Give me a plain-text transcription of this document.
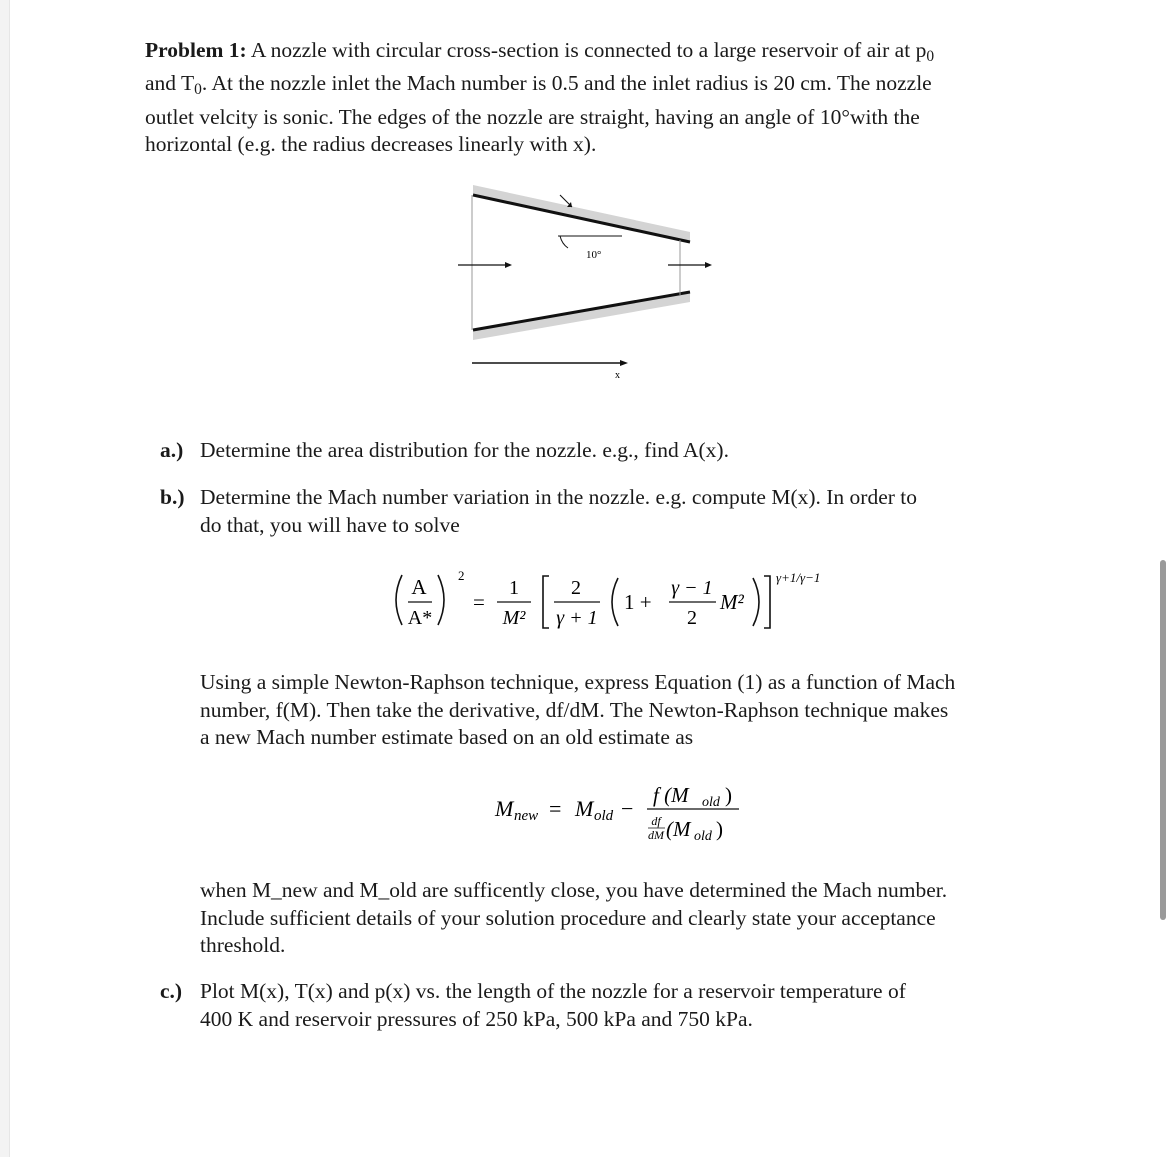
Problem 1: A nozzle with circular cross-section is connected to a large reservoir of air at $p_0$
and $T_0$. At the nozzle inlet the Mach number is 0.5 and the inlet radius is 20 cm. The nozzle
outlet velcity is sonic. The edges of the nozzle are straight, having an angle of 10°with the
horizontal (e.g. the radius decreases linearly with x).
10°
x
a.) Determine the area distribution for the nozzle. e.g., find A(x).
b.) Determine the Mach number variation in the nozzle. e.g. compute M(x). In order to
do that, you will have to solve
A
A*
2
=
1
M²
2
γ + 1
1 +
γ − 1
2
M²
γ+1/γ−1
Using a simple Newton-Raphson technique, express Equation (1) as a function of Mach
number, f(M). Then take the derivative, df/dM. The Newton-Raphson technique makes
a new Mach number estimate based on an old estimate as
M new = M old −
f (M old )
df
dM (M old )
when M_new and M_old are sufficently close, you have determined the Mach number.
Include sufficient details of your solution procedure and clearly state your acceptance
threshold.
c.) Plot M(x), T(x) and p(x) vs. the length of the nozzle for a reservoir temperature of
400 K and reservoir pressures of 250 kPa, 500 kPa and 750 kPa.
